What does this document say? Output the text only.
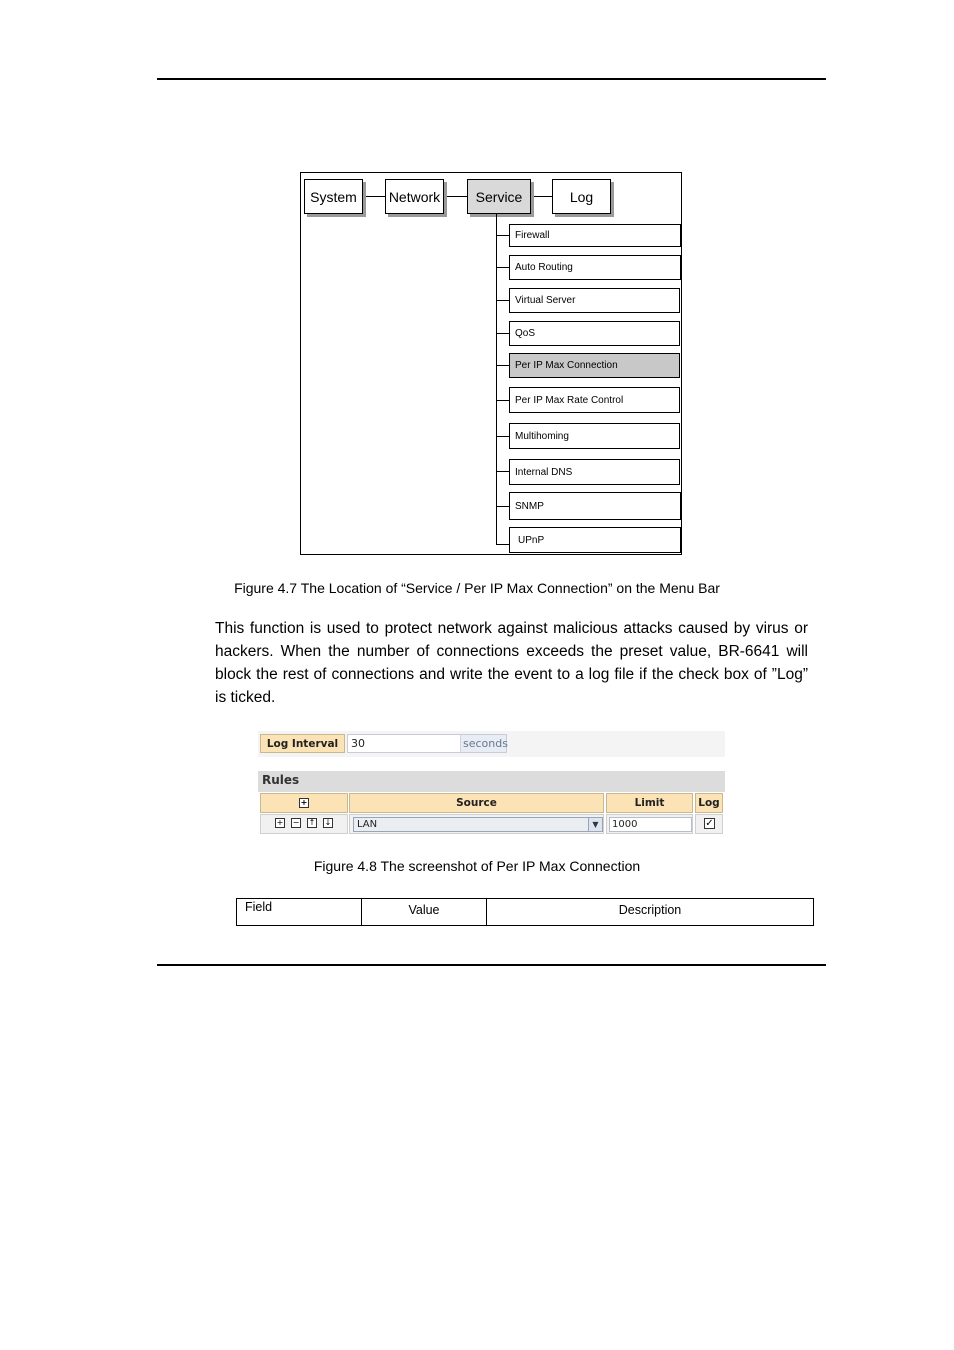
System	Network	Service	Log
Firewall
Auto Routing
Virtual Server
QoS
Per IP Max Connection
Per IP Max Rate Control
Multihoming
Internal DNS
SNMP
UPnP
Figure 4.7 The Location of “Service / Per IP Max Connection” on the Menu Bar
This function is used to protect network against malicious attacks caused by virus or hackers. When the number of connections exceeds the preset value, BR-6641 will block the rest of connections and write the event to a log file if the check box of ”Log” is ticked.
Log Interval	30	seconds
Rules
+	Source	Limit	Log
+ − ↑ ↓	LAN	▼	1000	✓
Figure 4.8 The screenshot of Per IP Max Connection
Field	Value	Description
